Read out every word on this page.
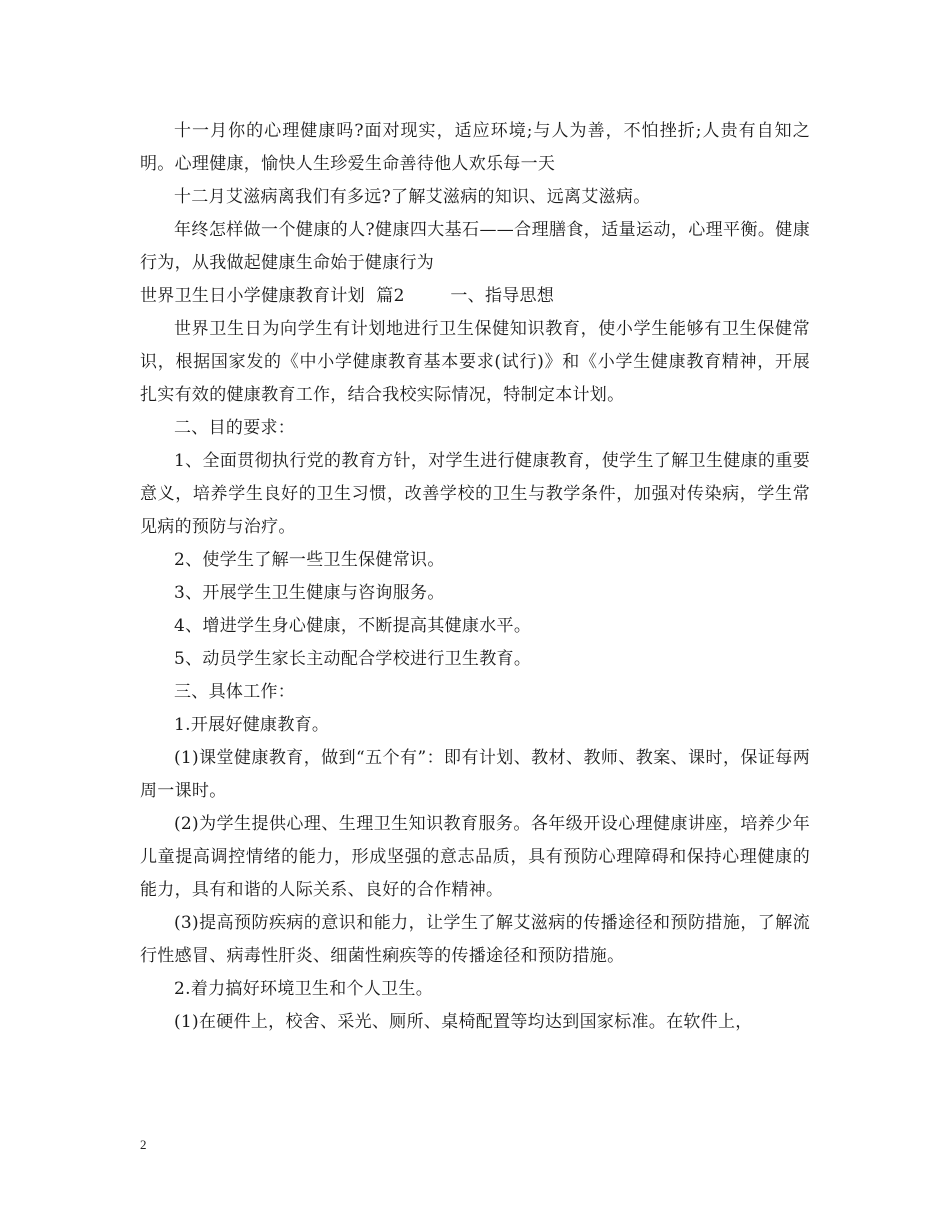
十一月你的心理健康吗?面对现实，适应环境;与人为善，不怕挫折;人贵有自知之明。心理健康，愉快人生珍爱生命善待他人欢乐每一天

十二月艾滋病离我们有多远?了解艾滋病的知识、远离艾滋病。

年终怎样做一个健康的人?健康四大基石——合理膳食，适量运动，心理平衡。健康行为，从我做起健康生命始于健康行为

世界卫生日小学健康教育计划  篇2        一、指导思想

世界卫生日为向学生有计划地进行卫生保健知识教育，使小学生能够有卫生保健常识，根据国家发的《中小学健康教育基本要求(试行)》和《小学生健康教育精神，开展扎实有效的健康教育工作，结合我校实际情况，特制定本计划。

二、目的要求：

1、全面贯彻执行党的教育方针，对学生进行健康教育，使学生了解卫生健康的重要意义，培养学生良好的卫生习惯，改善学校的卫生与教学条件，加强对传染病，学生常见病的预防与治疗。

2、使学生了解一些卫生保健常识。

3、开展学生卫生健康与咨询服务。

4、增进学生身心健康，不断提高其健康水平。

5、动员学生家长主动配合学校进行卫生教育。

三、具体工作：

1.开展好健康教育。

(1)课堂健康教育，做到“五个有”：即有计划、教材、教师、教案、课时，保证每两周一课时。

(2)为学生提供心理、生理卫生知识教育服务。各年级开设心理健康讲座，培养少年儿童提高调控情绪的能力，形成坚强的意志品质，具有预防心理障碍和保持心理健康的能力，具有和谐的人际关系、良好的合作精神。

(3)提高预防疾病的意识和能力，让学生了解艾滋病的传播途径和预防措施，了解流行性感冒、病毒性肝炎、细菌性痢疾等的传播途径和预防措施。

2.着力搞好环境卫生和个人卫生。

(1)在硬件上，校舍、采光、厕所、桌椅配置等均达到国家标准。在软件上，

2
